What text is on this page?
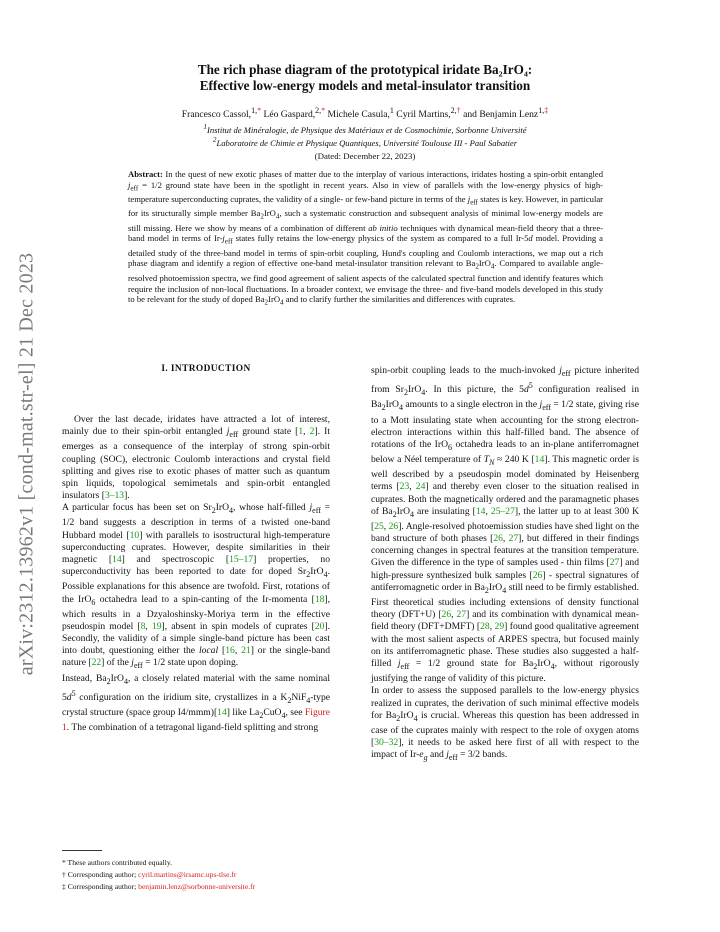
arXiv:2312.13962v1 [cond-mat.str-el] 21 Dec 2023
The rich phase diagram of the prototypical iridate Ba₂IrO₄:
Effective low-energy models and metal-insulator transition
Francesco Cassol,$^{1,*}$ Léo Gaspard,$^{2,*}$ Michele Casula,$^1$ Cyril Martins,$^{2,\dagger}$ and Benjamin Lenz$^{1,\ddagger}$
$^1$Institut de Minéralogie, de Physique des Matériaux et de Cosmochimie, Sorbonne Université
$^2$Laboratoire de Chimie et Physique Quantiques, Université Toulouse III - Paul Sabatier
(Dated: December 22, 2023)
Abstract: In the quest of new exotic phases of matter due to the interplay of various interactions, iridates hosting a spin-orbit entangled $j_{eff} = 1/2$ ground state have been in the spotlight in recent years. Also in view of parallels with the low-energy physics of high-temperature superconducting cuprates, the validity of a single- or few-band picture in terms of the $j_{eff}$ states is key. However, in particular for its structurally simple member $Ba_2IrO_4$, such a systematic construction and subsequent analysis of minimal low-energy models are still missing. Here we show by means of a combination of different ab initio techniques with dynamical mean-field theory that a three-band model in terms of $Ir-j_{eff}$ states fully retains the low-energy physics of the system as compared to a full Ir-5d model. Providing a detailed study of the three-band model in terms of spin-orbit coupling, Hund's coupling and Coulomb interactions, we map out a rich phase diagram and identify a region of effective one-band metal-insulator transition relevant to $Ba_2IrO_4$. Compared to available angle-resolved photoemission spectra, we find good agreement of salient aspects of the calculated spectral function and identify features which require the inclusion of non-local fluctuations. In a broader context, we envisage the three- and five-band models developed in this study to be relevant for the study of doped $Ba_2IrO_4$ and to clarify further the similarities and differences with cuprates.
I. INTRODUCTION

Over the last decade, iridates have attracted a lot of interest, mainly due to their spin-orbit entangled $j_{eff}$ ground state [1, 2]. It emerges as a consequence of the interplay of strong spin-orbit coupling (SOC), electronic Coulomb interactions and crystal field splitting and gives rise to exotic phases of matter such as quantum spin liquids, topological semimetals and spin-orbit entangled insulators [3–13].

A particular focus has been set on $Sr_2IrO_4$, whose half-filled $j_{eff} = 1/2$ band suggests a description in terms of a twisted one-band Hubbard model [10] with parallels to isostructural high-temperature superconducting cuprates. However, despite similarities in their magnetic [14] and spectroscopic [15–17] properties, no superconductivity has been reported to date for doped $Sr_2IrO_4$. Possible explanations for this absence are twofold. First, rotations of the IrO$_6$ octahedra lead to a spin-canting of the Ir-momenta [18], which results in a Dzyaloshinsky-Moriya term in the effective pseudospin model [8, 19], absent in spin models of cuprates [20]. Secondly, the validity of a simple single-band picture has been cast into doubt, questioning either the local [16, 21] or the single-band nature [22] of the $j_{eff} = 1/2$ state upon doping.

Instead, $Ba_2IrO_4$, a closely related material with the same nominal $5d^5$ configuration on the iridium site, crystallizes in a $K_2NiF_4$-type crystal structure (space group I4/mmm)[14] like $La_2CuO_4$, see Figure 1. The combination of a tetragonal ligand-field splitting and strong

spin-orbit coupling leads to the much-invoked $j_{eff}$ picture inherited from $Sr_2IrO_4$. In this picture, the $5d^5$ configuration realised in $Ba_2IrO_4$ amounts to a single electron in the $j_{eff} = 1/2$ state, giving rise to a Mott insulating state when accounting for the strong electron-electron interactions within this half-filled band. The absence of rotations of the IrO$_6$ octahedra leads to an in-plane antiferromagnet below a Néel temperature of $T_N \approx 240$ K [14]. This magnetic order is well described by a pseudospin model dominated by Heisenberg terms [23, 24] and thereby even closer to the situation realised in cuprates. Both the magnetically ordered and the paramagnetic phases of $Ba_2IrO_4$ are insulating [14, 25–27], the latter up to at least 300 K [25, 26]. Angle-resolved photoemission studies have shed light on the band structure of both phases [26, 27], but differed in their findings concerning changes in spectral features at the transition temperature. Given the difference in the type of samples used - thin films [27] and high-pressure synthesized bulk samples [26] - spectral signatures of antiferromagnetic order in $Ba_2IrO_4$ still need to be firmly established. First theoretical studies including extensions of density functional theory (DFT+U) [26, 27] and its combination with dynamical mean-field theory (DFT+DMFT) [28, 29] found good qualitative agreement with the most salient aspects of ARPES spectra, but focused mainly on its antiferromagnetic phase. These studies also suggested a half-filled $j_{eff} = 1/2$ ground state for $Ba_2IrO_4$, without rigorously justifying the range of validity of this picture.

In order to assess the supposed parallels to the low-energy physics realized in cuprates, the derivation of such minimal effective models for $Ba_2IrO_4$ is crucial. Whereas this question has been addressed in case of the cuprates mainly with respect to the role of oxygen atoms [30–32], it needs to be asked here first of all with respect to the impact of $Ir-e_g$ and $j_{eff} = 3/2$ bands.

* These authors contributed equally.
† Corresponding author; cyril.martins@irsamc.ups-tlse.fr
‡ Corresponding author; benjamin.lenz@sorbonne-universite.fr
